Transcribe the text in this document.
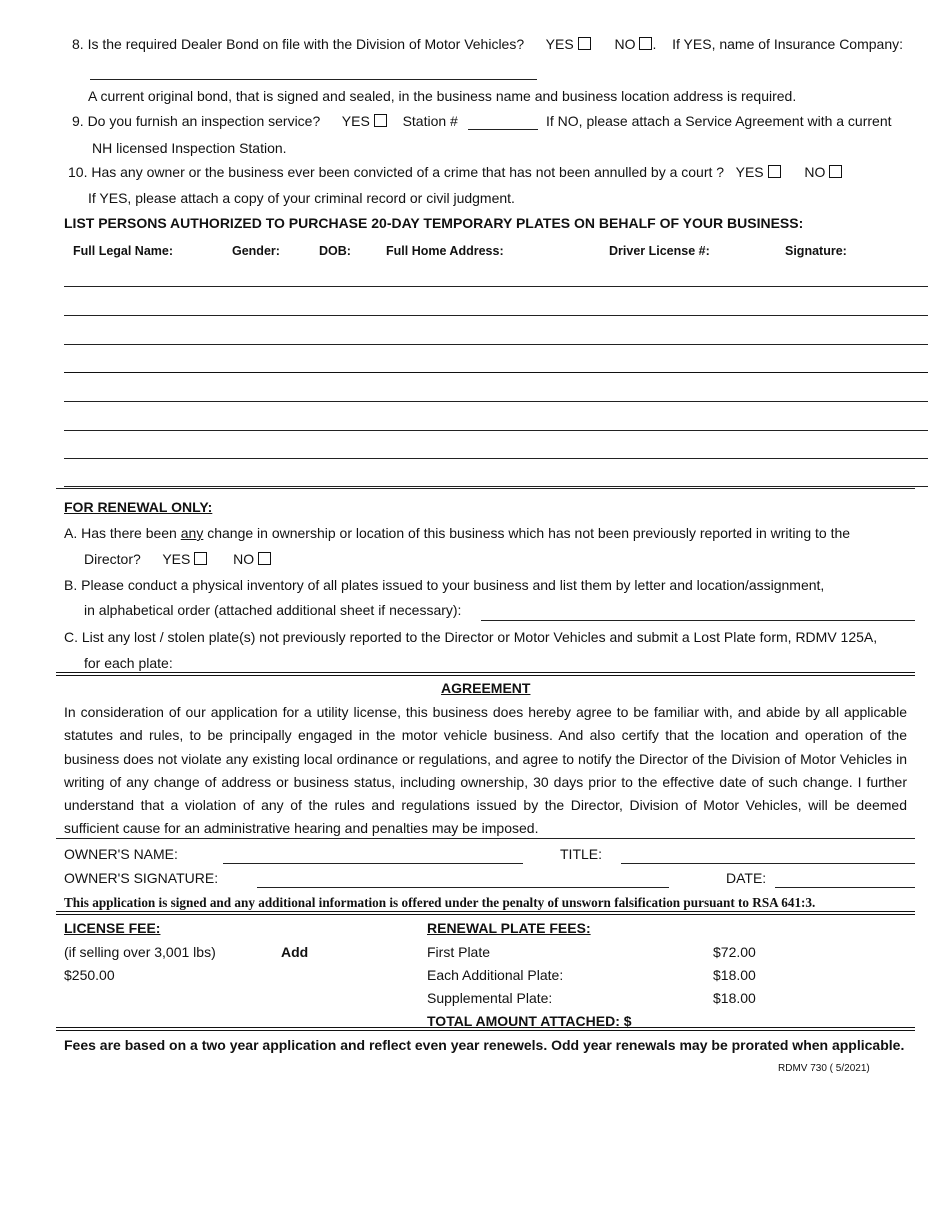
8. Is the required Dealer Bond on file with the Division of Motor Vehicles? YES	NO . If YES, name of Insurance Company:
A current original bond, that is signed and sealed, in the business name and business location address is required.
9. Do you furnish an inspection service? YES Station #	If NO, please attach a Service Agreement with a current
NH licensed Inspection Station.
10. Has any owner or the business ever been convicted of a crime that has not been annulled by a court ? YES	NO
If YES, please attach a copy of your criminal record or civil judgment.
LIST PERSONS AUTHORIZED TO PURCHASE 20-DAY TEMPORARY PLATES ON BEHALF OF YOUR BUSINESS:
Full Legal Name:	Gender:	DOB:	Full Home Address:	Driver License #:	Signature:
FOR RENEWAL ONLY:
A. Has there been any change in ownership or location of this business which has not been previously reported in writing to the
Director? YES	NO
B. Please conduct a physical inventory of all plates issued to your business and list them by letter and location/assignment,
in alphabetical order (attached additional sheet if necessary):
C. List any lost / stolen plate(s) not previously reported to the Director or Motor Vehicles and submit a Lost Plate form, RDMV 125A,
for each plate:
AGREEMENT
In consideration of our application for a utility license, this business does hereby agree to be familiar with, and abide by all applicable statutes and rules, to be principally engaged in the motor vehicle business. And also certify that the location and operation of the business does not violate any existing local ordinance or regulations, and agree to notify the Director of the Division of Motor Vehicles in writing of any change of address or business status, including ownership, 30 days prior to the effective date of such change. I further understand that a violation of any of the rules and regulations issued by the Director, Division of Motor Vehicles, will be deemed sufficient cause for an administrative hearing and penalties may be imposed.
OWNER'S NAME:	TITLE:
OWNER'S SIGNATURE:	DATE:
This application is signed and any additional information is offered under the penalty of unsworn falsification pursuant to RSA 641:3.
LICENSE FEE:
(if selling over 3,001 lbs)	Add
$250.00
RENEWAL PLATE FEES:
First Plate	$72.00
Each Additional Plate:	$18.00
Supplemental Plate:	$18.00
TOTAL AMOUNT ATTACHED: $
Fees are based on a two year application and reflect even year renewels. Odd year renewals may be prorated when applicable.
RDMV 730 ( 5/2021)
